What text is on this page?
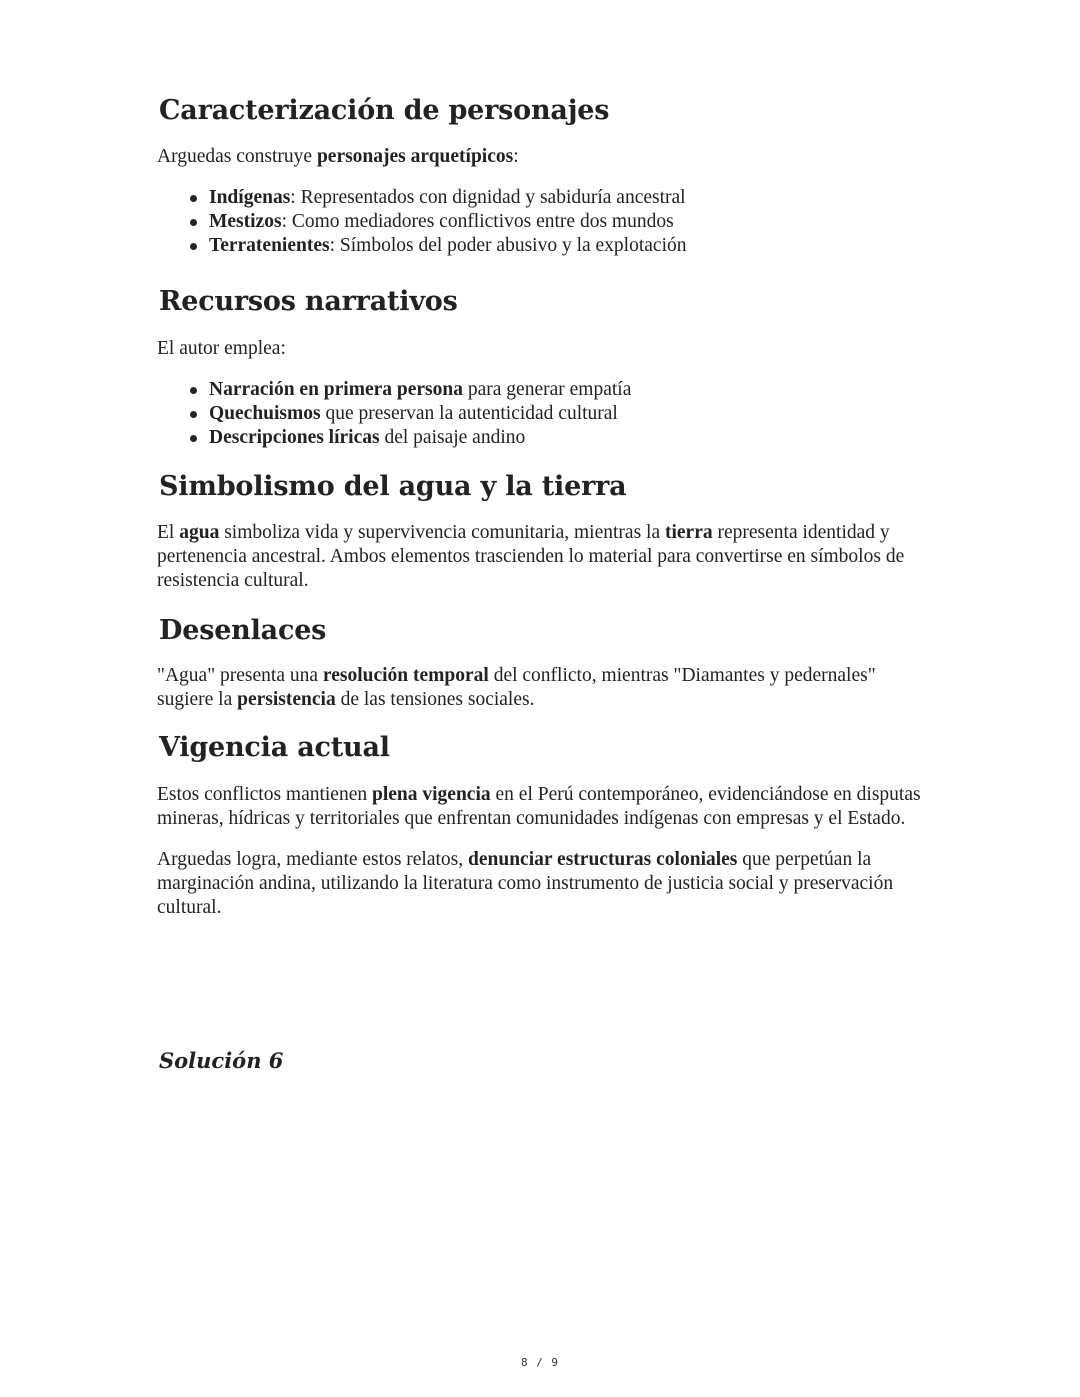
Caracterización de personajes

Arguedas construye personajes arquetípicos:

Indígenas: Representados con dignidad y sabiduría ancestral
Mestizos: Como mediadores conflictivos entre dos mundos
Terratenientes: Símbolos del poder abusivo y la explotación
Recursos narrativos

El autor emplea:

Narración en primera persona para generar empatía
Quechuismos que preservan la autenticidad cultural
Descripciones líricas del paisaje andino
Simbolismo del agua y la tierra

El agua simboliza vida y supervivencia comunitaria, mientras la tierra representa identidad y pertenencia ancestral. Ambos elementos trascienden lo material para convertirse en símbolos de resistencia cultural.

Desenlaces

"Agua" presenta una resolución temporal del conflicto, mientras "Diamantes y pedernales" sugiere la persistencia de las tensiones sociales.

Vigencia actual

Estos conflictos mantienen plena vigencia en el Perú contemporáneo, evidenciándose en disputas mineras, hídricas y territoriales que enfrentan comunidades indígenas con empresas y el Estado.

Arguedas logra, mediante estos relatos, denunciar estructuras coloniales que perpetúan la marginación andina, utilizando la literatura como instrumento de justicia social y preservación cultural.

Solución 6
8 / 9
